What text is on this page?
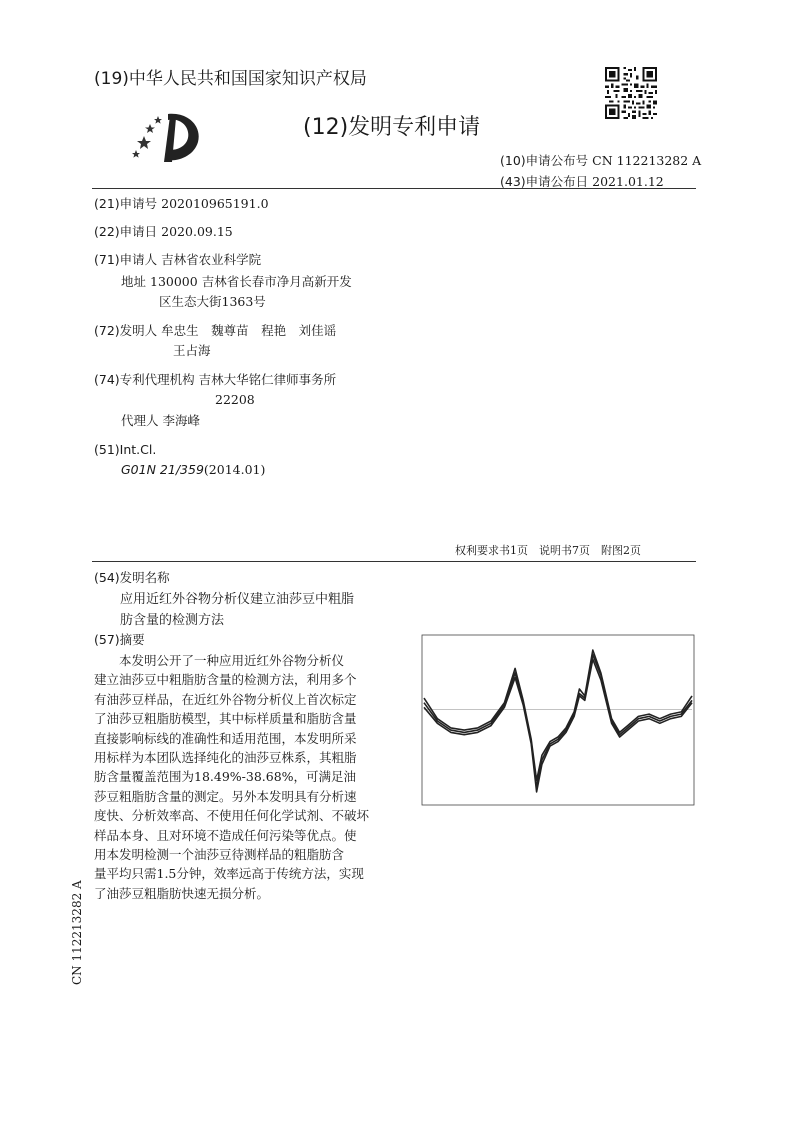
(19)中华人民共和国国家知识产权局
(12)发明专利申请
(10)申请公布号 CN 112213282 A
(43)申请公布日 2021.01.12
(21)申请号 202010965191.0
(22)申请日 2020.09.15
(71)申请人 吉林省农业科学院
地址 130000 吉林省长春市净月高新开发
区生态大街1363号
(72)发明人 牟忠生　魏尊苗　程艳　刘佳谣
王占海
(74)专利代理机构 吉林大华铭仁律师事务所
22208
代理人 李海峰
(51)Int.Cl.
G01N 21/359(2014.01)
权利要求书1页　说明书7页　附图2页
(54)发明名称
应用近红外谷物分析仪建立油莎豆中粗脂
肪含量的检测方法
(57)摘要
本发明公开了一种应用近红外谷物分析仪
建立油莎豆中粗脂肪含量的检测方法，利用多个
有油莎豆样品，在近红外谷物分析仪上首次标定
了油莎豆粗脂肪模型，其中标样质量和脂肪含量
直接影响标线的准确性和适用范围，本发明所采
用标样为本团队选择纯化的油莎豆株系，其粗脂
肪含量覆盖范围为18.49%-38.68%，可满足油
莎豆粗脂肪含量的测定。另外本发明具有分析速
度快、分析效率高、不使用任何化学试剂、不破坏
样品本身、且对环境不造成任何污染等优点。使
用本发明检测一个油莎豆待测样品的粗脂肪含
量平均只需1.5分钟，效率远高于传统方法，实现
了油莎豆粗脂肪快速无损分析。
CN 112213282 A
